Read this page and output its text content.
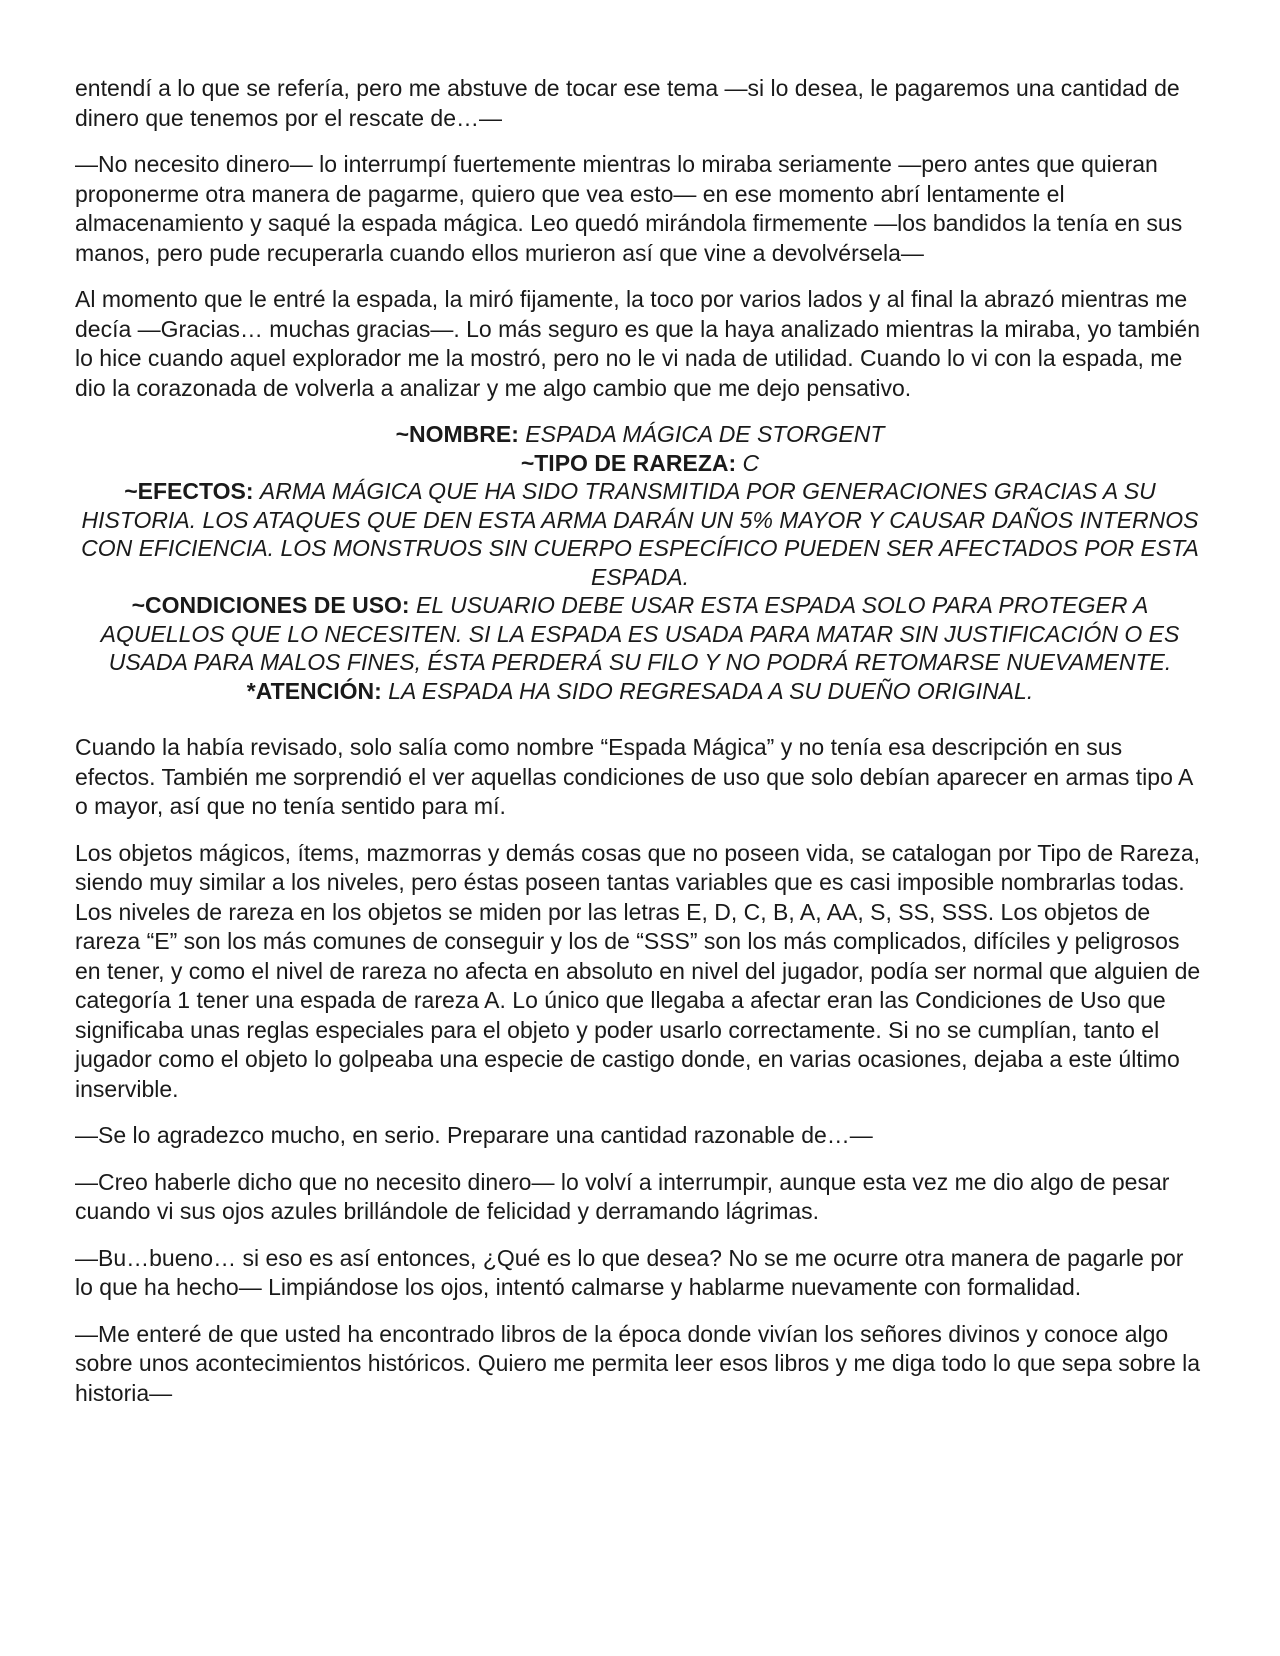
entendí a lo que se refería, pero me abstuve de tocar ese tema —si lo desea, le pagaremos una cantidad de dinero que tenemos por el rescate de…—

—No necesito dinero— lo interrumpí fuertemente mientras lo miraba seriamente —pero antes que quieran proponerme otra manera de pagarme, quiero que vea esto— en ese momento abrí lentamente el almacenamiento y saqué la espada mágica. Leo quedó mirándola firmemente —los bandidos la tenía en sus manos, pero pude recuperarla cuando ellos murieron así que vine a devolvérsela—

Al momento que le entré la espada, la miró fijamente, la toco por varios lados y al final la abrazó mientras me decía —Gracias… muchas gracias—. Lo más seguro es que la haya analizado mientras la miraba, yo también lo hice cuando aquel explorador me la mostró, pero no le vi nada de utilidad. Cuando lo vi con la espada, me dio la corazonada de volverla a analizar y me algo cambio que me dejo pensativo.

~NOMBRE: ESPADA MÁGICA DE STORGENT
~TIPO DE RAREZA: C
~EFECTOS: ARMA MÁGICA QUE HA SIDO TRANSMITIDA POR GENERACIONES GRACIAS A SU HISTORIA. LOS ATAQUES QUE DEN ESTA ARMA DARÁN UN 5% MAYOR Y CAUSAR DAÑOS INTERNOS CON EFICIENCIA. LOS MONSTRUOS SIN CUERPO ESPECÍFICO PUEDEN SER AFECTADOS POR ESTA ESPADA.
~CONDICIONES DE USO: EL USUARIO DEBE USAR ESTA ESPADA SOLO PARA PROTEGER A AQUELLOS QUE LO NECESITEN. SI LA ESPADA ES USADA PARA MATAR SIN JUSTIFICACIÓN O ES USADA PARA MALOS FINES, ÉSTA PERDERÁ SU FILO Y NO PODRÁ RETOMARSE NUEVAMENTE.
*ATENCIÓN: LA ESPADA HA SIDO REGRESADA A SU DUEÑO ORIGINAL.

Cuando la había revisado, solo salía como nombre “Espada Mágica” y no tenía esa descripción en sus efectos. También me sorprendió el ver aquellas condiciones de uso que solo debían aparecer en armas tipo A o mayor, así que no tenía sentido para mí.

Los objetos mágicos, ítems, mazmorras y demás cosas que no poseen vida, se catalogan por Tipo de Rareza, siendo muy similar a los niveles, pero éstas poseen tantas variables que es casi imposible nombrarlas todas. Los niveles de rareza en los objetos se miden por las letras E, D, C, B, A, AA, S, SS, SSS. Los objetos de rareza “E” son los más comunes de conseguir y los de “SSS” son los más complicados, difíciles y peligrosos en tener, y como el nivel de rareza no afecta en absoluto en nivel del jugador, podía ser normal que alguien de categoría 1 tener una espada de rareza A. Lo único que llegaba a afectar eran las Condiciones de Uso que significaba unas reglas especiales para el objeto y poder usarlo correctamente. Si no se cumplían, tanto el jugador como el objeto lo golpeaba una especie de castigo donde, en varias ocasiones, dejaba a este último inservible.

—Se lo agradezco mucho, en serio. Preparare una cantidad razonable de…—

—Creo haberle dicho que no necesito dinero— lo volví a interrumpir, aunque esta vez me dio algo de pesar cuando vi sus ojos azules brillándole de felicidad y derramando lágrimas.

—Bu…bueno… si eso es así entonces, ¿Qué es lo que desea? No se me ocurre otra manera de pagarle por lo que ha hecho— Limpiándose los ojos, intentó calmarse y hablarme nuevamente con formalidad.

—Me enteré de que usted ha encontrado libros de la época donde vivían los señores divinos y conoce algo sobre unos acontecimientos históricos. Quiero me permita leer esos libros y me diga todo lo que sepa sobre la historia—
